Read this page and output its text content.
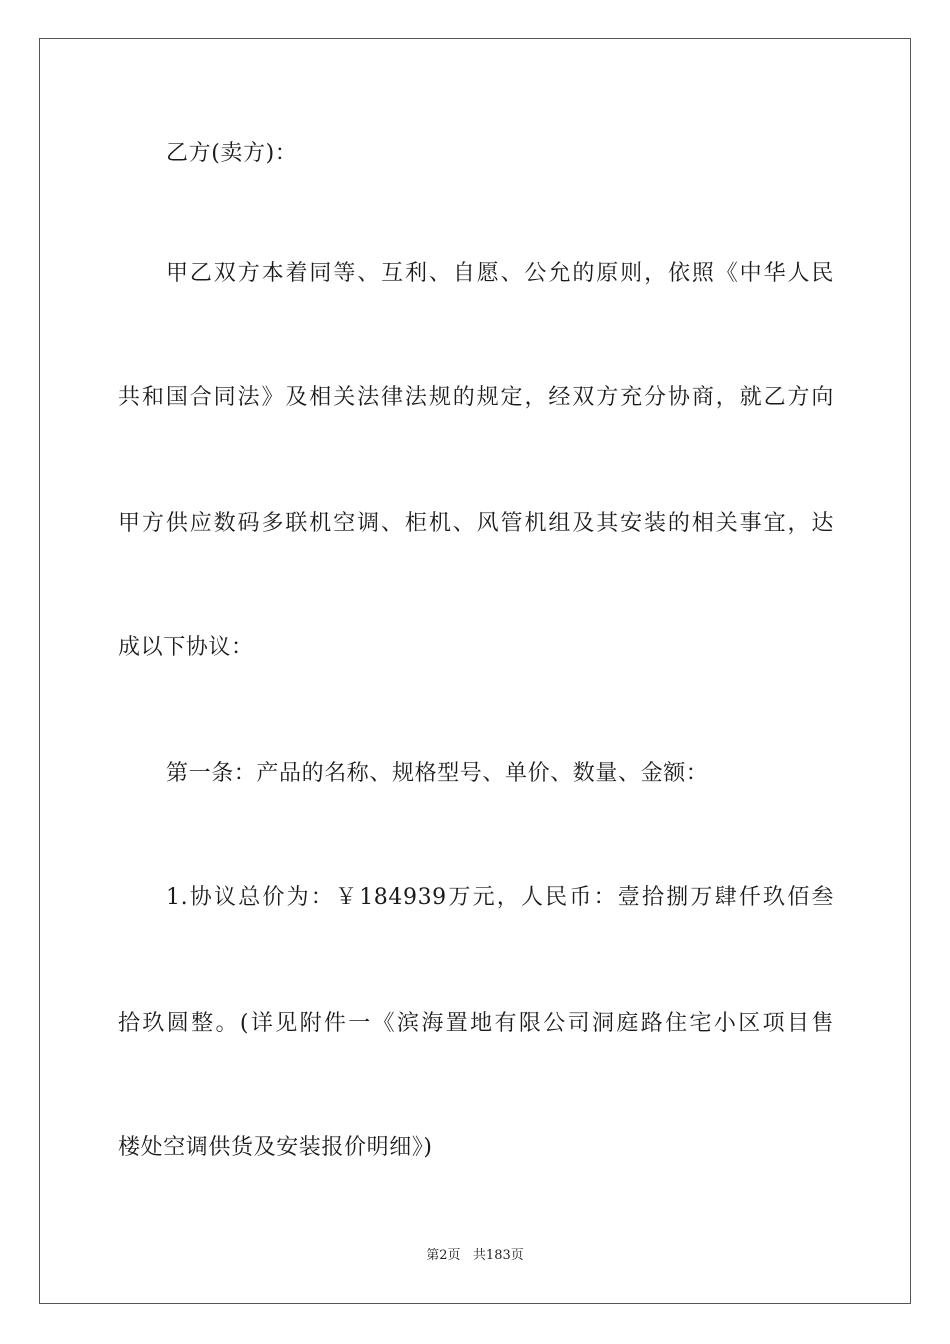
乙方(卖方)：
甲乙双方本着同等、互利、自愿、公允的原则，依照《中华人民
共和国合同法》及相关法律法规的规定，经双方充分协商，就乙方向
甲方供应数码多联机空调、柜机、风管机组及其安装的相关事宜，达
成以下协议：
第一条：产品的名称、规格型号、单价、数量、金额：
1.协议总价为：￥184939万元，人民币：壹拾捌万肆仟玖佰叁
拾玖圆整。(详见附件一《滨海置地有限公司洞庭路住宅小区项目售
楼处空调供货及安装报价明细》)
第2页 共183页
